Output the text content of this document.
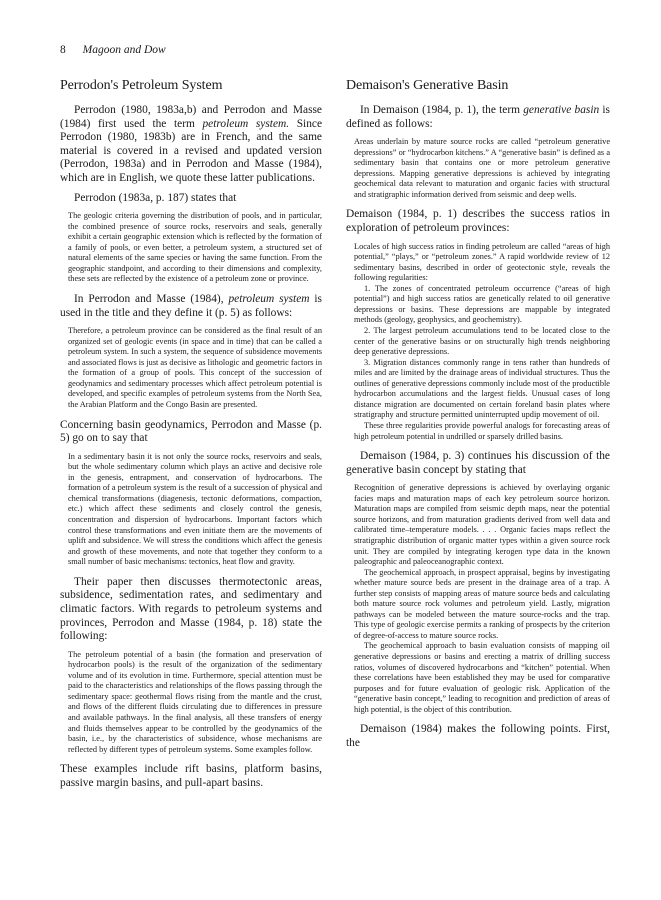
8 Magoon and Dow
Perrodon's Petroleum System

Perrodon (1980, 1983a,b) and Perrodon and Masse (1984) first used the term petroleum system. Since Perrodon (1980, 1983b) are in French, and the same material is covered in a revised and updated version (Perrodon, 1983a) and in Perrodon and Masse (1984), which are in English, we quote these latter publications.

Perrodon (1983a, p. 187) states that

The geologic criteria governing the distribution of pools, and in particular, the combined presence of source rocks, reservoirs and seals, generally exhibit a certain geographic extension which is reflected by the formation of a family of pools, or even better, a petroleum system, a structured set of natural elements of the same species or having the same function. From the geographic standpoint, and according to their dimensions and complexity, these sets are reflected by the existence of a petroleum zone or province.

In Perrodon and Masse (1984), petroleum system is used in the title and they define it (p. 5) as follows:

Therefore, a petroleum province can be considered as the final result of an organized set of geologic events (in space and in time) that can be called a petroleum system. In such a system, the sequence of subsidence movements and associated flows is just as decisive as lithologic and geometric factors in the formation of a group of pools. This concept of the succession of geodynamics and sedimentary processes which affect petroleum potential is developed, and specific examples of petroleum systems from the North Sea, the Arabian Platform and the Congo Basin are presented.

Concerning basin geodynamics, Perrodon and Masse (p. 5) go on to say that

In a sedimentary basin it is not only the source rocks, reservoirs and seals, but the whole sedimentary column which plays an active and decisive role in the genesis, entrapment, and conservation of hydrocarbons. The formation of a petroleum system is the result of a succession of physical and chemical transformations (diagenesis, tectonic deformations, compaction, etc.) which affect these sediments and closely control the genesis, concentration and dispersion of hydrocarbons. Important factors which control these transformations and even initiate them are the movements of uplift and subsidence. We will stress the conditions which affect the genesis and growth of these movements, and note that together they conform to a small number of basic mechanisms: tectonics, heat flow and gravity.

Their paper then discusses thermotectonic areas, subsidence, sedimentation rates, and sedimentary and climatic factors. With regards to petroleum systems and provinces, Perrodon and Masse (1984, p. 18) state the following:

The petroleum potential of a basin (the formation and preservation of hydrocarbon pools) is the result of the organization of the sedimentary volume and of its evolution in time. Furthermore, special attention must be paid to the characteristics and relationships of the flows passing through the sedimentary space: geothermal flows rising from the mantle and the crust, and flows of the different fluids circulating due to differences in pressure and available pathways. In the final analysis, all these transfers of energy and fluids themselves appear to be controlled by the geodynamics of the basin, i.e., by the characteristics of subsidence, whose mechanisms are reflected by different types of petroleum systems. Some examples follow.

These examples include rift basins, platform basins, passive margin basins, and pull-apart basins.

Demaison's Generative Basin

In Demaison (1984, p. 1), the term generative basin is defined as follows:

Areas underlain by mature source rocks are called “petroleum generative depressions” or “hydrocarbon kitchens.” A “generative basin” is defined as a sedimentary basin that contains one or more petroleum generative depressions. Mapping generative depressions is achieved by integrating geochemical data relevant to maturation and organic facies with structural and stratigraphic information derived from seismic and deep wells.

Demaison (1984, p. 1) describes the success ratios in exploration of petroleum provinces:

Locales of high success ratios in finding petroleum are called “areas of high potential,” “plays,” or “petroleum zones.” A rapid worldwide review of 12 sedimentary basins, described in order of geotectonic style, reveals the following regularities:

1. The zones of concentrated petroleum occurrence (“areas of high potential”) and high success ratios are genetically related to oil generative depressions or basins. These depressions are mappable by integrated methods (geology, geophysics, and geochemistry).

2. The largest petroleum accumulations tend to be located close to the center of the generative basins or on structurally high trends neighboring deep generative depressions.

3. Migration distances commonly range in tens rather than hundreds of miles and are limited by the drainage areas of individual structures. Thus the outlines of generative depressions commonly include most of the productible hydrocarbon accumulations and the largest fields. Unusual cases of long distance migration are documented on certain foreland basin plates where stratigraphy and structure permitted uninterrupted updip movement of oil.

These three regularities provide powerful analogs for forecasting areas of high petroleum potential in undrilled or sparsely drilled basins.

Demaison (1984, p. 3) continues his discussion of the generative basin concept by stating that

Recognition of generative depressions is achieved by overlaying organic facies maps and maturation maps of each key petroleum source horizon. Maturation maps are compiled from seismic depth maps, near the potential source horizons, and from maturation gradients derived from well data and calibrated time–temperature models. . . . Organic facies maps reflect the stratigraphic distribution of organic matter types within a given source rock unit. They are compiled by integrating kerogen type data in the known paleographic and paleoceanographic context.

The geochemical approach, in prospect appraisal, begins by investigating whether mature source beds are present in the drainage area of a trap. A further step consists of mapping areas of mature source beds and calculating both mature source rock volumes and petroleum yield. Lastly, migration pathways can be modeled between the mature source-rocks and the trap. This type of geologic exercise permits a ranking of prospects by the criterion of degree-of-access to mature source rocks.

The geochemical approach to basin evaluation consists of mapping oil generative depressions or basins and erecting a matrix of drilling success ratios, volumes of discovered hydrocarbons and “kitchen” potential. When these correlations have been established they may be used for comparative purposes and for future evaluation of geologic risk. Application of the “generative basin concept,” leading to recognition and prediction of areas of high potential, is the object of this contribution.

Demaison (1984) makes the following points. First, the
